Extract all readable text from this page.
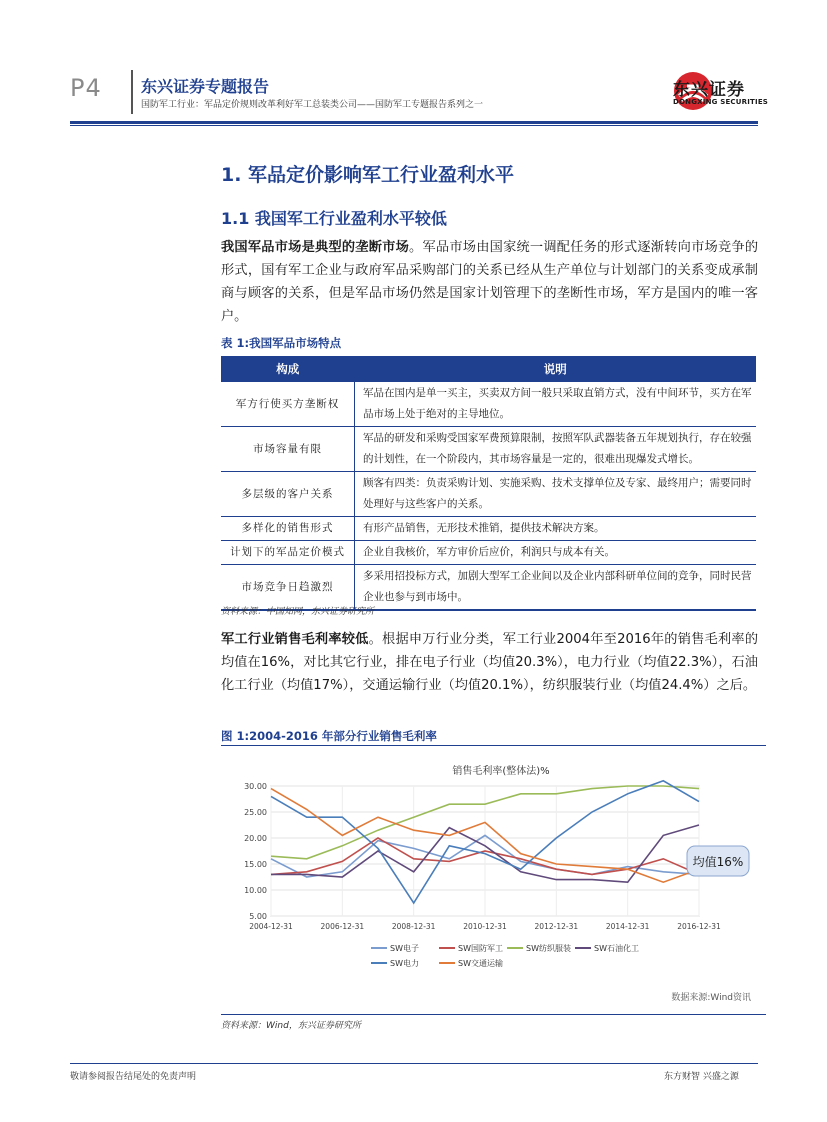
P4 东兴证券专题报告
国防军工行业：军品定价规则改革利好军工总装类公司——国防军工专题报告系列之一
东兴证券
DONGXING SECURITIES
1. 军品定价影响军工行业盈利水平
1.1 我国军工行业盈利水平较低
我国军品市场是典型的垄断市场。军品市场由国家统一调配任务的形式逐渐转向市场竞争的形式，国有军工企业与政府军品采购部门的关系已经从生产单位与计划部门的关系变成承制商与顾客的关系，但是军品市场仍然是国家计划管理下的垄断性市场，军方是国内的唯一客户。
表 1:我国军品市场特点
构成	说明
军方行使买方垄断权	军品在国内是单一买主，买卖双方间一般只采取直销方式，没有中间环节，买方在军品市场上处于绝对的主导地位。
市场容量有限	军品的研发和采购受国家军费预算限制，按照军队武器装备五年规划执行，存在较强的计划性，在一个阶段内，其市场容量是一定的，很难出现爆发式增长。
多层级的客户关系	顾客有四类：负责采购计划、实施采购、技术支撑单位及专家、最终用户；需要同时处理好与这些客户的关系。
多样化的销售形式	有形产品销售，无形技术推销，提供技术解决方案。
计划下的军品定价模式	企业自我核价，军方审价后应价，利润只与成本有关。
市场竞争日趋激烈	多采用招投标方式，加剧大型军工企业间以及企业内部科研单位间的竞争，同时民营企业也参与到市场中。
资料来源：中国知网，东兴证券研究所
军工行业销售毛利率较低。根据申万行业分类，军工行业2004年至2016年的销售毛利率的均值在16%，对比其它行业，排在电子行业（均值20.3%），电力行业（均值22.3%），石油化工行业（均值17%），交通运输行业（均值20.1%），纺织服装行业（均值24.4%）之后。
图 1:2004-2016 年部分行业销售毛利率
5.00
10.00
15.00
20.00
25.00
30.00
2004-12-31	2006-12-31	2008-12-31	2010-12-31	2012-12-31	2014-12-31	2016-12-31
SW电子	SW国防军工	SW纺织服装	SW石油化工
SW电力	SW交通运输
均值16%
销售毛利率(整体法)%
数据来源:Wind资讯
资料来源：Wind，东兴证券研究所
敬请参阅报告结尾处的免责声明	东方财智 兴盛之源
